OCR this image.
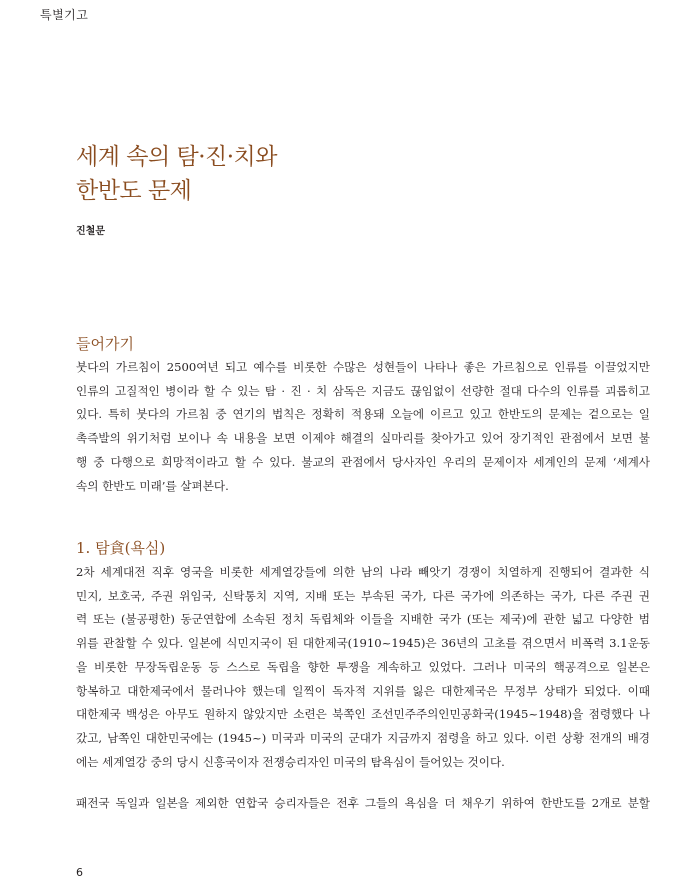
특별기고
세계 속의 탐·진·치와
한반도 문제
진철문
들어가기
붓다의 가르침이 2500여년 되고 예수를 비롯한 수많은 성현들이 나타나 좋은 가르침으로 인류를 이끌었지만
인류의 고질적인 병이라 할 수 있는 탐 · 진 · 치 삼독은 지금도 끊임없이 선량한 절대 다수의 인류를 괴롭히고
있다. 특히 붓다의 가르침 중 연기의 법칙은 정확히 적용돼 오늘에 이르고 있고 한반도의 문제는 겉으로는 일
촉즉발의 위기처럼 보이나 속 내용을 보면 이제야 해결의 실마리를 찾아가고 있어 장기적인 관점에서 보면 불
행 중 다행으로 희망적이라고 할 수 있다. 불교의 관점에서 당사자인 우리의 문제이자 세계인의 문제 ‘세계사
속의 한반도 미래’를 살펴본다.
1. 탐貪(욕심)
2차 세계대전 직후 영국을 비롯한 세계열강들에 의한 남의 나라 빼앗기 경쟁이 치열하게 진행되어 결과한 식
민지, 보호국, 주권 위임국, 신탁통치 지역, 지배 또는 부속된 국가, 다른 국가에 의존하는 국가, 다른 주권 권
력 또는 (불공평한) 동군연합에 소속된 정치 독립체와 이들을 지배한 국가 (또는 제국)에 관한 넓고 다양한 범
위를 관찰할 수 있다. 일본에 식민지국이 된 대한제국(1910~1945)은 36년의 고초를 겪으면서 비폭력 3.1운동
을 비롯한 무장독립운동 등 스스로 독립을 향한 투쟁을 계속하고 있었다. 그러나 미국의 핵공격으로 일본은
항복하고 대한제국에서 물러나야 했는데 일찍이 독자적 지위를 잃은 대한제국은 무정부 상태가 되었다. 이때
대한제국 백성은 아무도 원하지 않았지만 소련은 북쪽인 조선민주주의인민공화국(1945~1948)을 점령했다 나
갔고, 남쪽인 대한민국에는 (1945~) 미국과 미국의 군대가 지금까지 점령을 하고 있다. 이런 상황 전개의 배경
에는 세계열강 중의 당시 신흥국이자 전쟁승리자인 미국의 탐욕심이 들어있는 것이다.
패전국 독일과 일본을 제외한 연합국 승리자들은 전후 그들의 욕심을 더 채우기 위하여 한반도를 2개로 분할
6
